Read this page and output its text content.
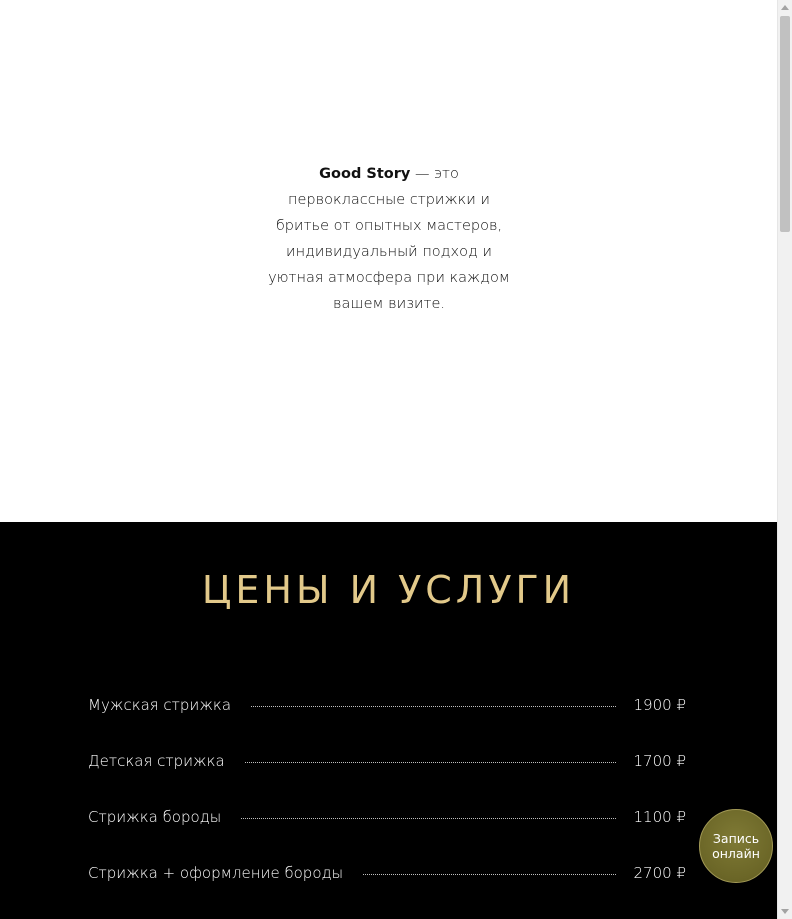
Good Story — это первоклассные стрижки и бритье от опытных мастеров, индивидуальный подход и уютная атмосфера при каждом вашем визите.

ЦЕНЫ И УСЛУГИ
Мужская стрижка	1900 ₽
Детская стрижка	1700 ₽
Стрижка бороды	1100 ₽
Стрижка + оформление бороды	2700 ₽
Запись онлайн
